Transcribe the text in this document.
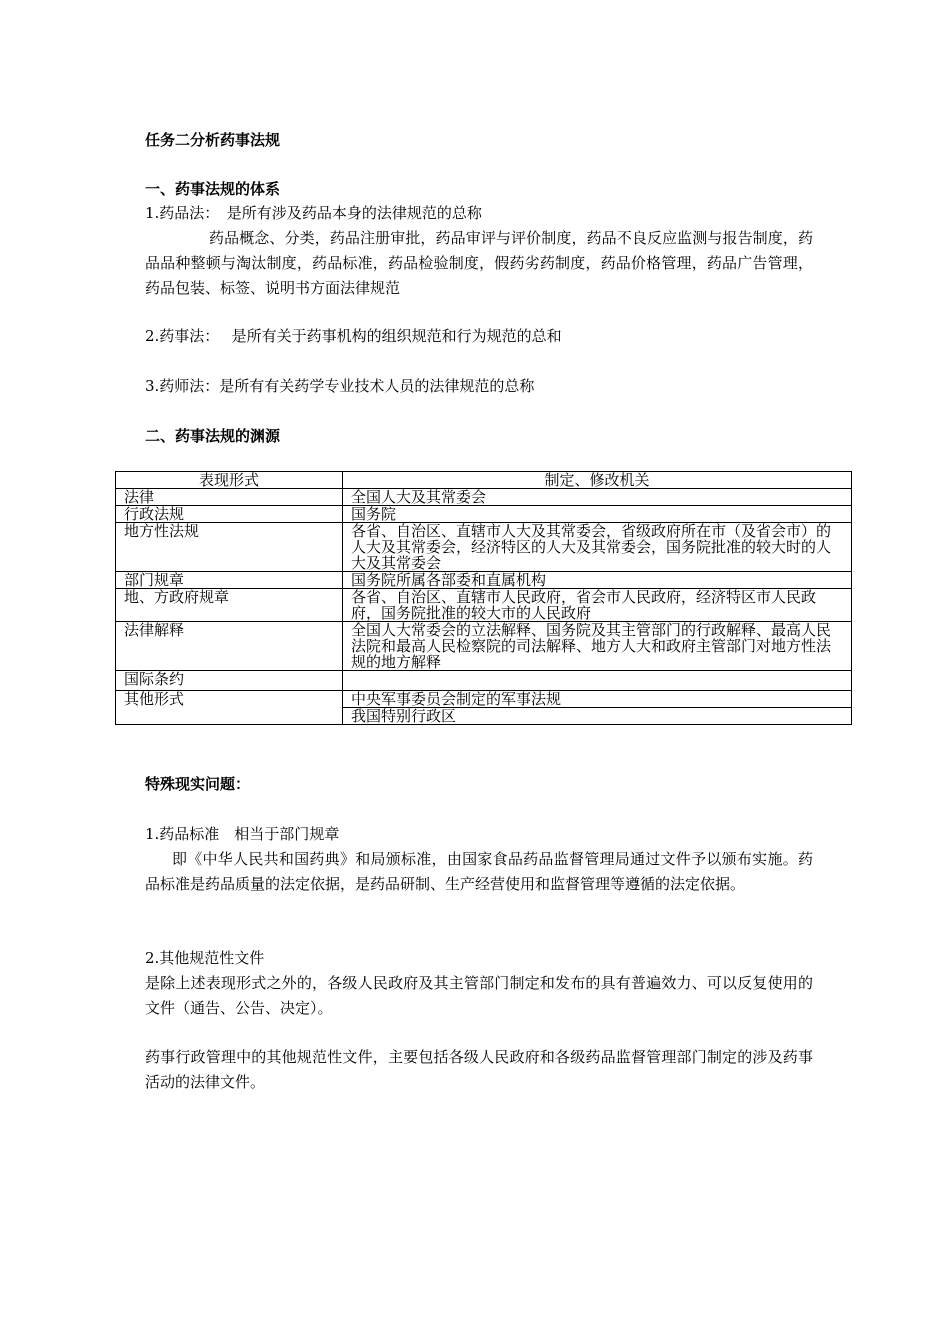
任务二分析药事法规
一、药事法规的体系
1.药品法：　是所有涉及药品本身的法律规范的总称
药品概念、分类，药品注册审批，药品审评与评价制度，药品不良反应监测与报告制度，药品品种整顿与淘汰制度，药品标准，药品检验制度，假药劣药制度，药品价格管理，药品广告管理，药品包装、标签、说明书方面法律规范
2.药事法：　 是所有关于药事机构的组织规范和行为规范的总和
3.药师法：是所有有关药学专业技术人员的法律规范的总称
二、药事法规的渊源
表现形式	制定、修改机关
法律	全国人大及其常委会
行政法规	国务院
地方性法规	各省、自治区、直辖市人大及其常委会，省级政府所在市（及省会市）的人大及其常委会，经济特区的人大及其常委会，国务院批准的较大时的人大及其常委会
部门规章	国务院所属各部委和直属机构
地、方政府规章	各省、自治区、直辖市人民政府，省会市人民政府，经济特区市人民政府，国务院批准的较大市的人民政府
法律解释	全国人大常委会的立法解释、国务院及其主管部门的行政解释、最高人民法院和最高人民检察院的司法解释、地方人大和政府主管部门对地方性法规的地方解释
国际条约	
其他形式	中央军事委员会制定的军事法规
	我国特别行政区
特殊现实问题：
1.药品标准　相当于部门规章
即《中华人民共和国药典》和局颁标准，由国家食品药品监督管理局通过文件予以颁布实施。药品标准是药品质量的法定依据，是药品研制、生产经营使用和监督管理等遵循的法定依据。
2.其他规范性文件
是除上述表现形式之外的，各级人民政府及其主管部门制定和发布的具有普遍效力、可以反复使用的文件（通告、公告、决定）。
药事行政管理中的其他规范性文件，主要包括各级人民政府和各级药品监督管理部门制定的涉及药事活动的法律文件。
